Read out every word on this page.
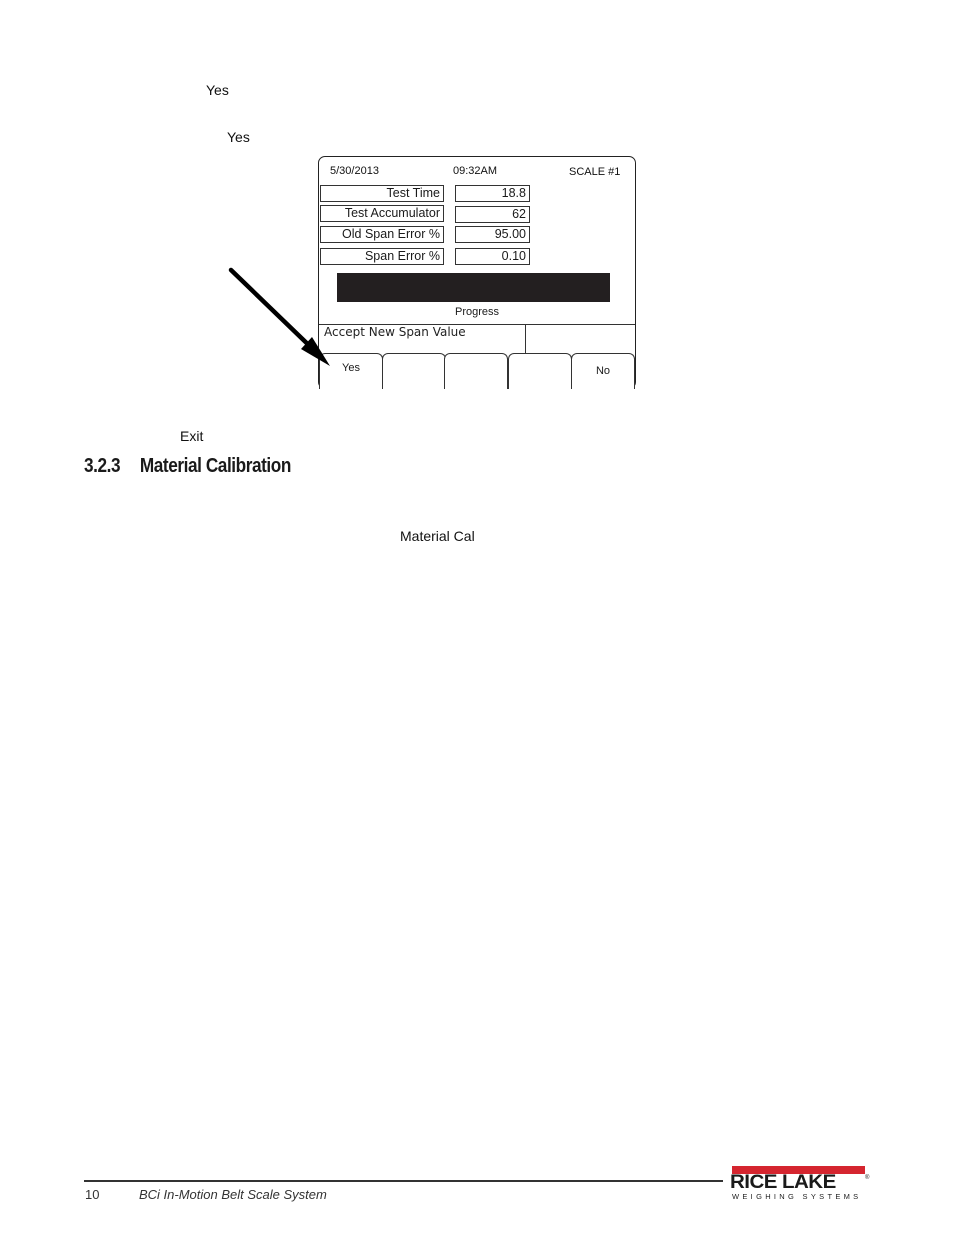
Yes
Yes
5/30/2013	09:32AM	SCALE #1
Test Time	18.8
Test Accumulator	62
Old Span Error %	95.00
Span Error %	0.10
Progress
Accept New Span Value
Yes	No
Exit
3.2.3 Material Calibration
Material Cal
10	BCi In-Motion Belt Scale System
RICE LAKE	®
WEIGHING SYSTEMS
